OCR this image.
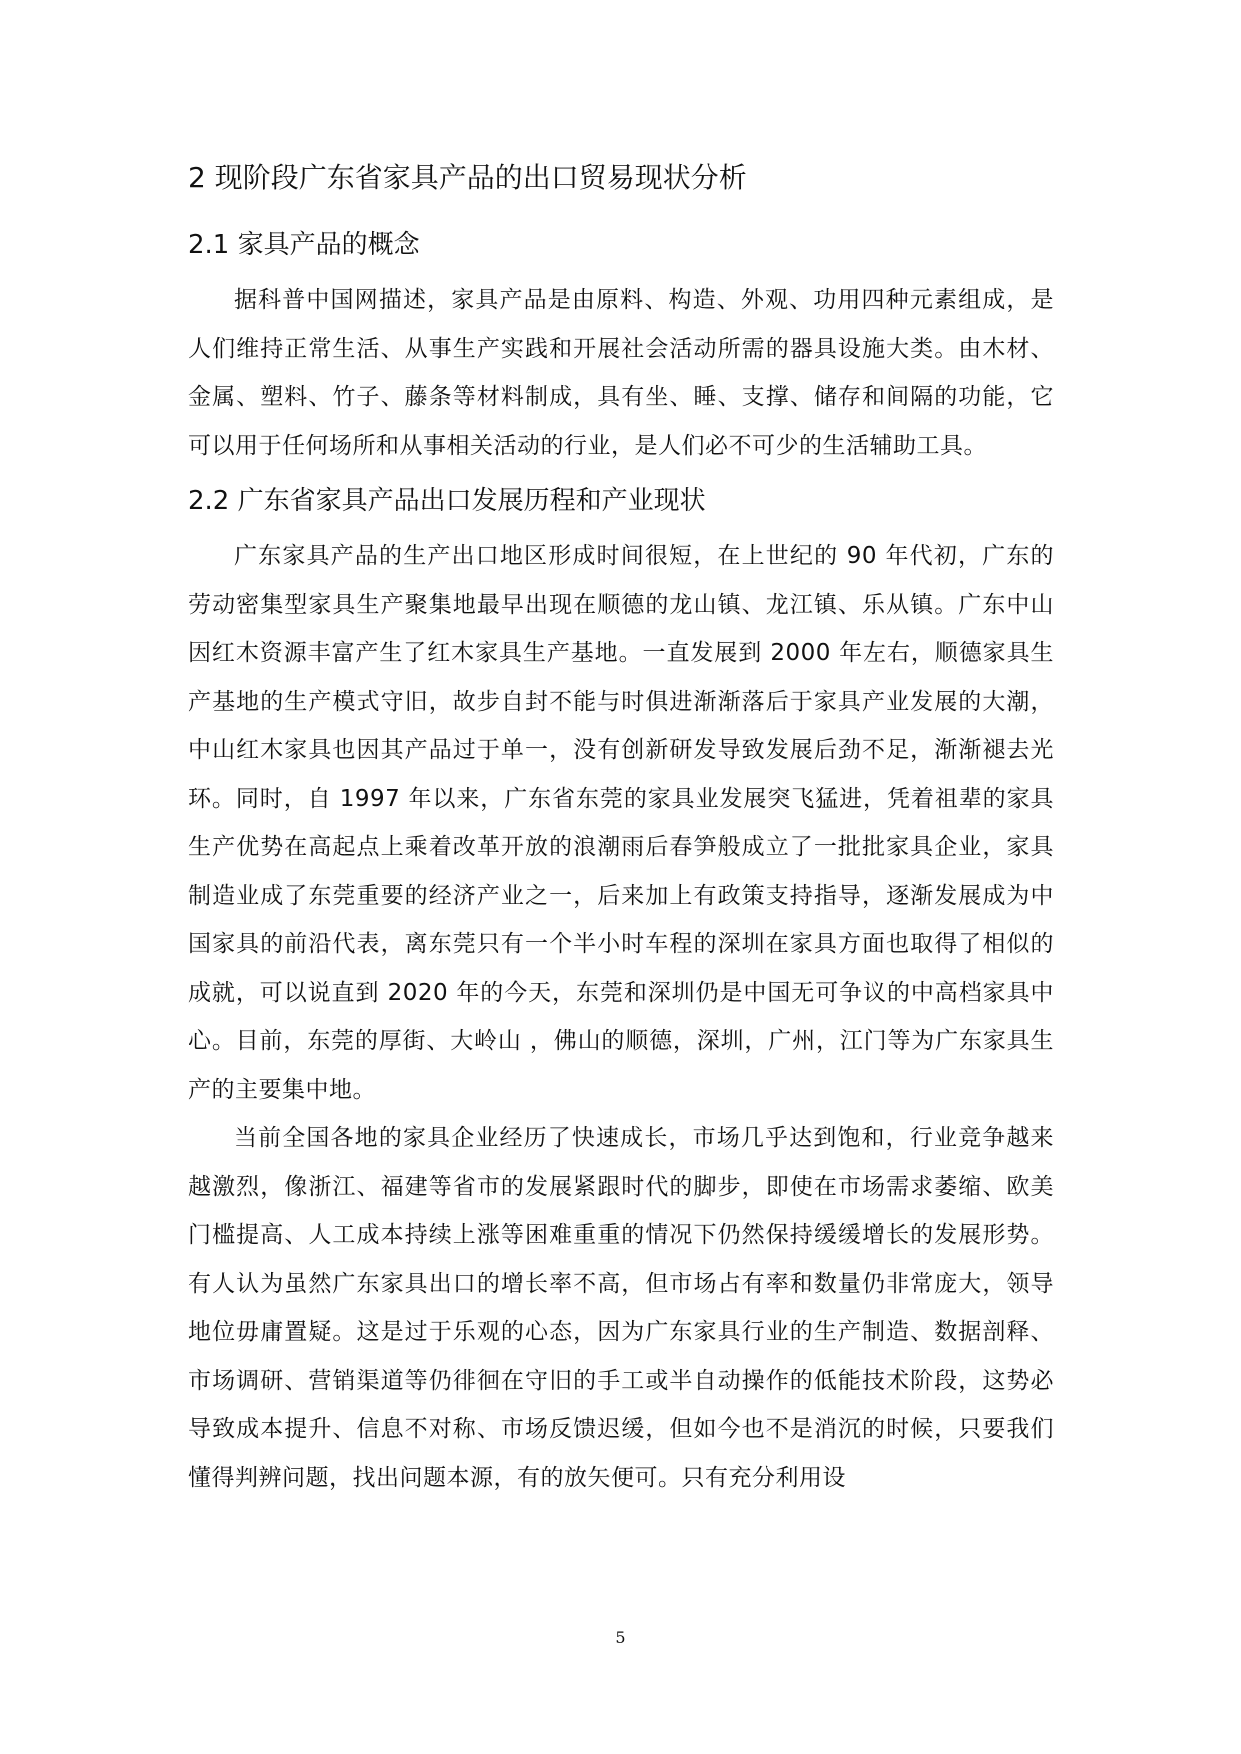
2 现阶段广东省家具产品的出口贸易现状分析
2.1 家具产品的概念

据科普中国网描述，家具产品是由原料、构造、外观、功用四种元素组成，是人们维持正常生活、从事生产实践和开展社会活动所需的器具设施大类。由木材、金属、塑料、竹子、藤条等材料制成，具有坐、睡、支撑、储存和间隔的功能，它可以用于任何场所和从事相关活动的行业，是人们必不可少的生活辅助工具。

2.2 广东省家具产品出口发展历程和产业现状

广东家具产品的生产出口地区形成时间很短，在上世纪的 90 年代初，广东的劳动密集型家具生产聚集地最早出现在顺德的龙山镇、龙江镇、乐从镇。广东中山因红木资源丰富产生了红木家具生产基地。一直发展到 2000 年左右，顺德家具生产基地的生产模式守旧，故步自封不能与时俱进渐渐落后于家具产业发展的大潮，中山红木家具也因其产品过于单一，没有创新研发导致发展后劲不足，渐渐褪去光环。同时，自 1997 年以来，广东省东莞的家具业发展突飞猛进，凭着祖辈的家具生产优势在高起点上乘着改革开放的浪潮雨后春笋般成立了一批批家具企业，家具制造业成了东莞重要的经济产业之一，后来加上有政策支持指导，逐渐发展成为中国家具的前沿代表，离东莞只有一个半小时车程的深圳在家具方面也取得了相似的成就，可以说直到 2020 年的今天，东莞和深圳仍是中国无可争议的中高档家具中心。目前，东莞的厚街、大岭山 ，佛山的顺德，深圳，广州，江门等为广东家具生产的主要集中地。

当前全国各地的家具企业经历了快速成长，市场几乎达到饱和，行业竞争越来越激烈，像浙江、福建等省市的发展紧跟时代的脚步，即使在市场需求萎缩、欧美门槛提高、人工成本持续上涨等困难重重的情况下仍然保持缓缓增长的发展形势。有人认为虽然广东家具出口的增长率不高，但市场占有率和数量仍非常庞大，领导地位毋庸置疑。这是过于乐观的心态，因为广东家具行业的生产制造、数据剖释、市场调研、营销渠道等仍徘徊在守旧的手工或半自动操作的低能技术阶段，这势必导致成本提升、信息不对称、市场反馈迟缓，但如今也不是消沉的时候，只要我们懂得判辨问题，找出问题本源，有的放矢便可。只有充分利用设

5
